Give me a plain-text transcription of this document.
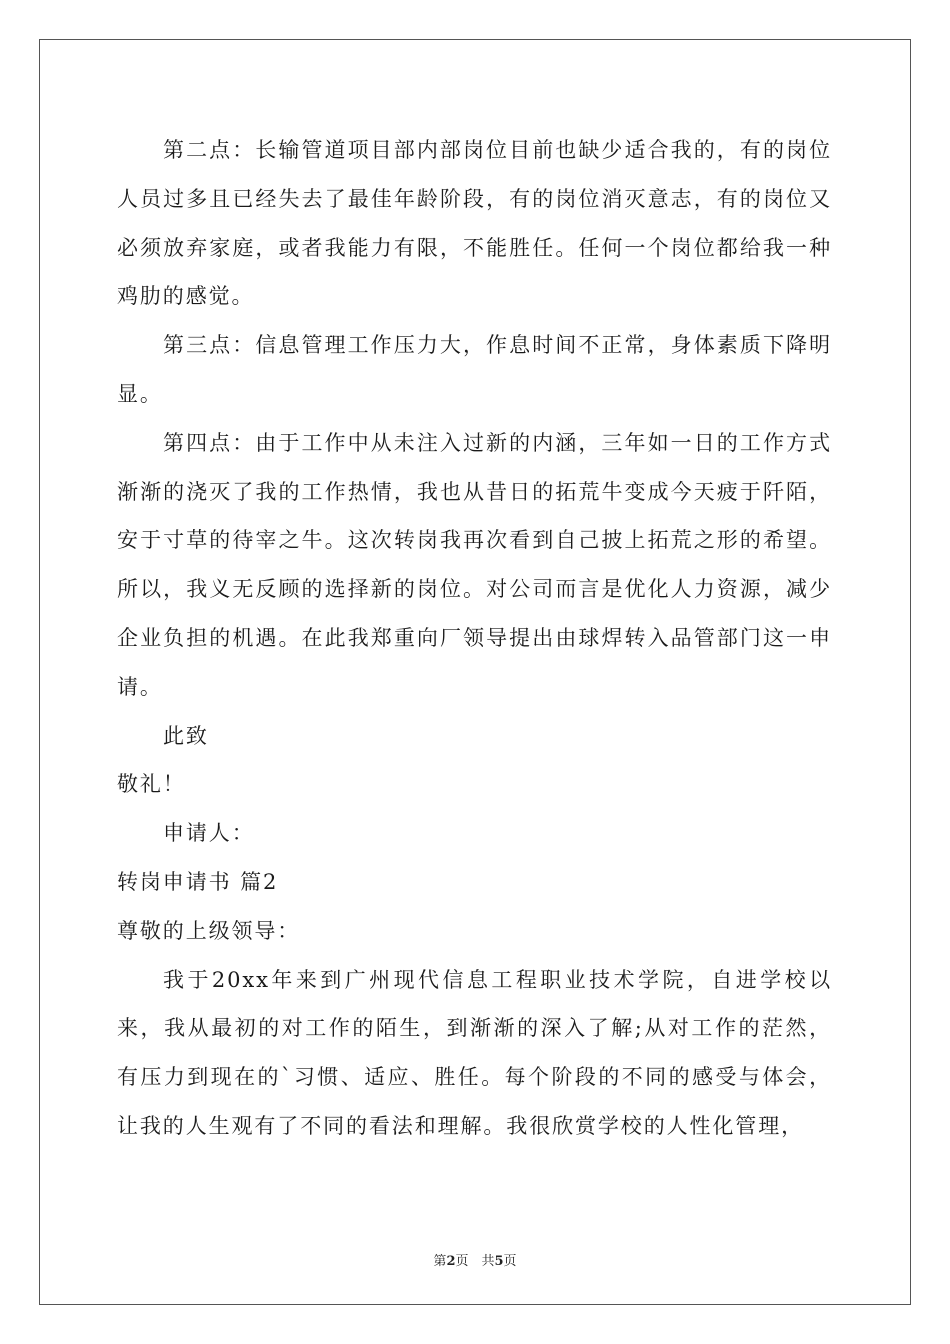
第二点：长输管道项目部内部岗位目前也缺少适合我的，有的岗位人员过多且已经失去了最佳年龄阶段，有的岗位消灭意志，有的岗位又必须放弃家庭，或者我能力有限，不能胜任。任何一个岗位都给我一种鸡肋的感觉。

第三点：信息管理工作压力大，作息时间不正常，身体素质下降明显。

第四点：由于工作中从未注入过新的内涵，三年如一日的工作方式渐渐的浇灭了我的工作热情，我也从昔日的拓荒牛变成今天疲于阡陌，安于寸草的待宰之牛。这次转岗我再次看到自己披上拓荒之形的希望。所以，我义无反顾的选择新的岗位。对公司而言是优化人力资源，减少企业负担的机遇。在此我郑重向厂领导提出由球焊转入品管部门这一申请。

此致

敬礼！

申请人：

转岗申请书 篇2

尊敬的上级领导：

我于20xx年来到广州现代信息工程职业技术学院，自进学校以来，我从最初的对工作的陌生，到渐渐的深入了解;从对工作的茫然，有压力到现在的`习惯、适应、胜任。每个阶段的不同的感受与体会，让我的人生观有了不同的看法和理解。我很欣赏学校的人性化管理，

第2页　共5页
